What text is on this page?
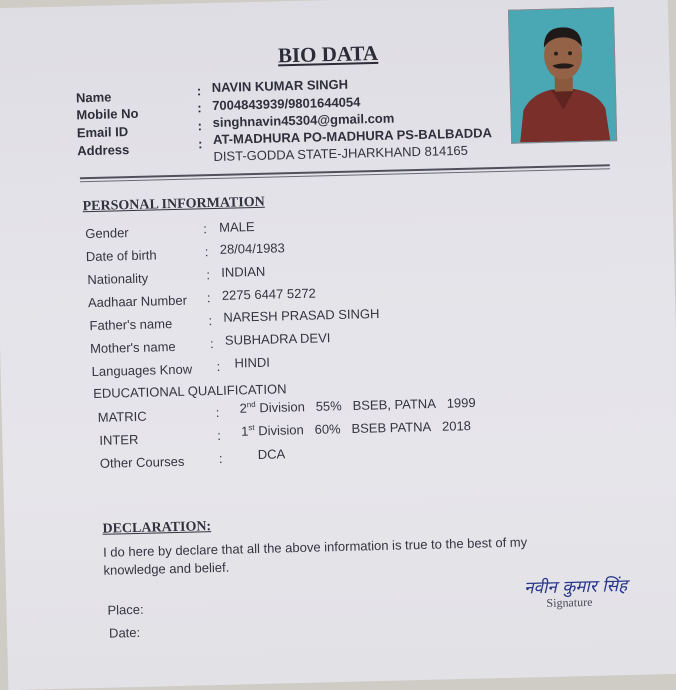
BIO DATA
Name	: NAVIN KUMAR SINGH
Mobile No	: 7004843939/9801644054
Email ID	: singhnavin45304@gmail.com
Address	: AT-MADHURA PO-MADHURA PS-BALBADDA
DIST-GODDA STATE-JHARKHAND 814165
PERSONAL INFORMATION
Gender	: MALE
Date of birth	: 28/04/1983
Nationality	: INDIAN
Aadhaar Number : 2275 6447 5272
Father's name	: NARESH PRASAD SINGH
Mother's name	: SUBHADRA DEVI
Languages Know : HINDI
EDUCATIONAL QUALIFICATION
MATRIC	: 2nd Division 55% BSEB, PATNA 1999
INTER	: 1st Division 60% BSEB PATNA 2018
Other Courses	:	DCA
DECLARATION:
I do here by declare that all the above information is true to the best of my knowledge and belief.
Place:
Date:
नवीन कुमार सिंह
Signature
